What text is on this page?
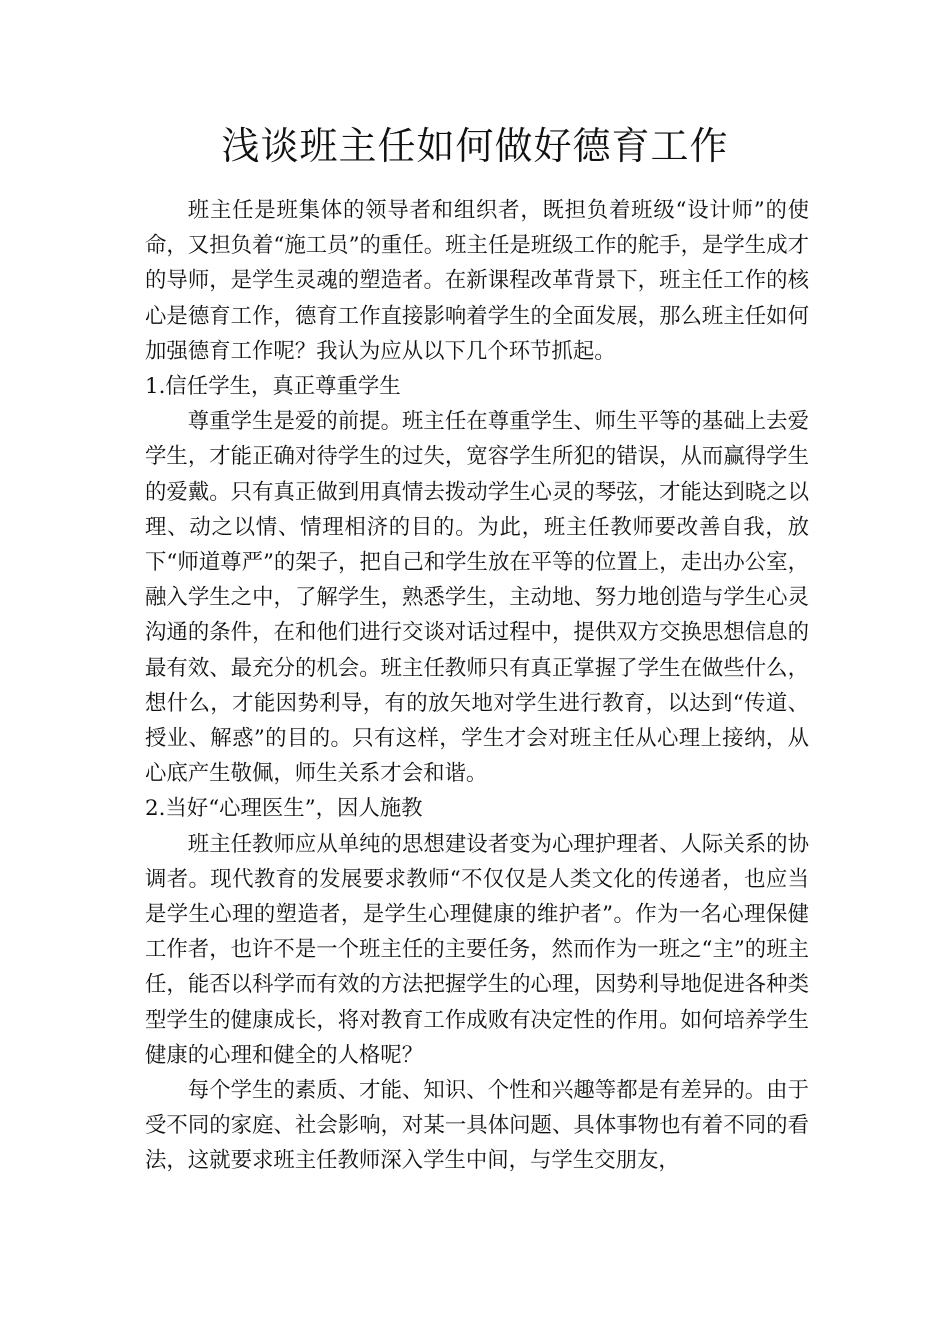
浅谈班主任如何做好德育工作

班主任是班集体的领导者和组织者，既担负着班级“设计师”的使命，又担负着“施工员”的重任。班主任是班级工作的舵手，是学生成才的导师，是学生灵魂的塑造者。在新课程改革背景下，班主任工作的核心是德育工作，德育工作直接影响着学生的全面发展，那么班主任如何加强德育工作呢？我认为应从以下几个环节抓起。

1.信任学生，真正尊重学生

尊重学生是爱的前提。班主任在尊重学生、师生平等的基础上去爱学生，才能正确对待学生的过失，宽容学生所犯的错误，从而赢得学生的爱戴。只有真正做到用真情去拨动学生心灵的琴弦，才能达到晓之以理、动之以情、情理相济的目的。为此，班主任教师要改善自我，放下“师道尊严”的架子，把自己和学生放在平等的位置上，走出办公室，融入学生之中，了解学生，熟悉学生，主动地、努力地创造与学生心灵沟通的条件，在和他们进行交谈对话过程中，提供双方交换思想信息的最有效、最充分的机会。班主任教师只有真正掌握了学生在做些什么，想什么，才能因势利导，有的放矢地对学生进行教育，以达到“传道、授业、解惑”的目的。只有这样，学生才会对班主任从心理上接纳，从心底产生敬佩，师生关系才会和谐。

2.当好“心理医生”，因人施教

班主任教师应从单纯的思想建设者变为心理护理者、人际关系的协调者。现代教育的发展要求教师“不仅仅是人类文化的传递者，也应当是学生心理的塑造者，是学生心理健康的维护者”。作为一名心理保健工作者，也许不是一个班主任的主要任务，然而作为一班之“主”的班主任，能否以科学而有效的方法把握学生的心理，因势利导地促进各种类型学生的健康成长，将对教育工作成败有决定性的作用。如何培养学生健康的心理和健全的人格呢？

每个学生的素质、才能、知识、个性和兴趣等都是有差异的。由于受不同的家庭、社会影响，对某一具体问题、具体事物也有着不同的看法，这就要求班主任教师深入学生中间，与学生交朋友，
